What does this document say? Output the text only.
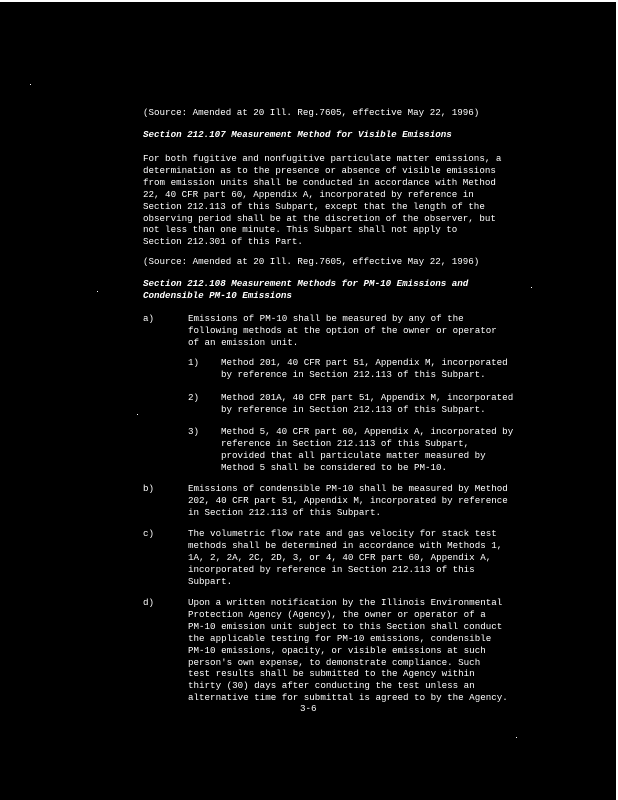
(Source: Amended at 20 Ill. Reg.7605, effective May 22, 1996)

Section 212.107 Measurement Method for Visible Emissions

For both fugitive and nonfugitive particulate matter emissions, a
determination as to the presence or absence of visible emissions
from emission units shall be conducted in accordance with Method
22, 40 CFR part 60, Appendix A, incorporated by reference in
Section 212.113 of this Subpart, except that the length of the
observing period shall be at the discretion of the observer, but
not less than one minute. This Subpart shall not apply to
Section 212.301 of this Part.

(Source: Amended at 20 Ill. Reg.7605, effective May 22, 1996)

Section 212.108 Measurement Methods for PM-10 Emissions and
Condensible PM-10 Emissions

a)	Emissions of PM-10 shall be measured by any of the
following methods at the option of the owner or operator
of an emission unit.

1) Method 201, 40 CFR part 51, Appendix M, incorporated
by reference in Section 212.113 of this Subpart.

2) Method 201A, 40 CFR part 51, Appendix M, incorporated
by reference in Section 212.113 of this Subpart.

3) Method 5, 40 CFR part 60, Appendix A, incorporated by
reference in Section 212.113 of this Subpart,
provided that all particulate matter measured by
Method 5 shall be considered to be PM-10.

b)	Emissions of condensible PM-10 shall be measured by Method
202, 40 CFR part 51, Appendix M, incorporated by reference
in Section 212.113 of this Subpart.

c)	The volumetric flow rate and gas velocity for stack test
methods shall be determined in accordance with Methods 1,
1A, 2, 2A, 2C, 2D, 3, or 4, 40 CFR part 60, Appendix A,
incorporated by reference in Section 212.113 of this
Subpart.

d)	Upon a written notification by the Illinois Environmental
Protection Agency (Agency), the owner or operator of a
PM-10 emission unit subject to this Section shall conduct
the applicable testing for PM-10 emissions, condensible
PM-10 emissions, opacity, or visible emissions at such
person's own expense, to demonstrate compliance. Such
test results shall be submitted to the Agency within
thirty (30) days after conducting the test unless an
alternative time for submittal is agreed to by the Agency.

3-6
